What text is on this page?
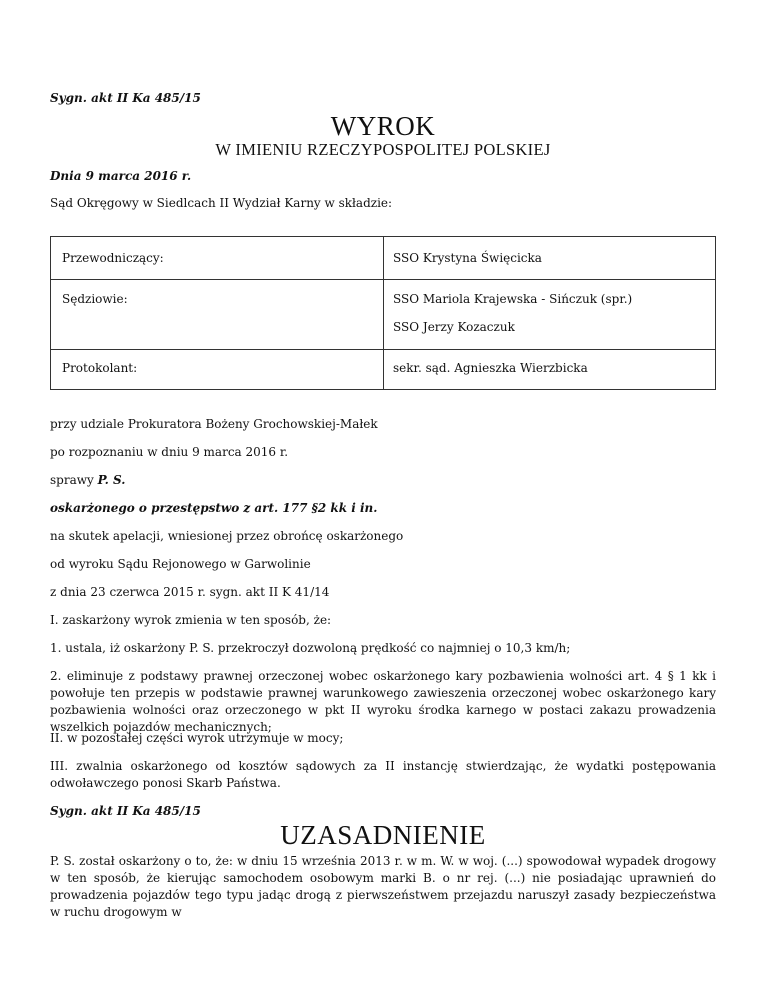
Sygn. akt II Ka 485/15

WYROK

W IMIENIU RZECZYPOSPOLITEJ POLSKIEJ

Dnia 9 marca 2016 r.

Sąd Okręgowy w Siedlcach II Wydział Karny w składzie:

Przewodniczący:	SSO Krystyna Święcicka
Sędziowie:	SSO Mariola Krajewska - Sińczuk (spr.)
SSO Jerzy Kozaczuk
Protokolant:	sekr. sąd. Agnieszka Wierzbicka

przy udziale Prokuratora Bożeny Grochowskiej-Małek

po rozpoznaniu w dniu 9 marca 2016 r.

sprawy P. S.

oskarżonego o przestępstwo z art. 177 §2 kk i in.

na skutek apelacji, wniesionej przez obrońcę oskarżonego

od wyroku Sądu Rejonowego w Garwolinie

z dnia 23 czerwca 2015 r. sygn. akt II K 41/14

I. zaskarżony wyrok zmienia w ten sposób, że:

1. ustala, iż oskarżony P. S. przekroczył dozwoloną prędkość co najmniej o 10,3 km/h;

2. eliminuje z podstawy prawnej orzeczonej wobec oskarżonego kary pozbawienia wolności art. 4 § 1 kk i powołuje ten przepis w podstawie prawnej warunkowego zawieszenia orzeczonej wobec oskarżonego kary pozbawienia wolności oraz orzeczonego w pkt II wyroku środka karnego w postaci zakazu prowadzenia wszelkich pojazdów mechanicznych;

II. w pozostałej części wyrok utrzymuje w mocy;

III. zwalnia oskarżonego od kosztów sądowych za II instancję stwierdzając, że wydatki postępowania odwoławczego ponosi Skarb Państwa.

Sygn. akt II Ka 485/15

UZASADNIENIE

P. S. został oskarżony o to, że: w dniu 15 września 2013 r. w m. W. w woj. (...) spowodował wypadek drogowy w ten sposób, że kierując samochodem osobowym marki B. o nr rej. (...) nie posiadając uprawnień do prowadzenia pojazdów tego typu jadąc drogą z pierwszeństwem przejazdu naruszył zasady bezpieczeństwa w ruchu drogowym w
